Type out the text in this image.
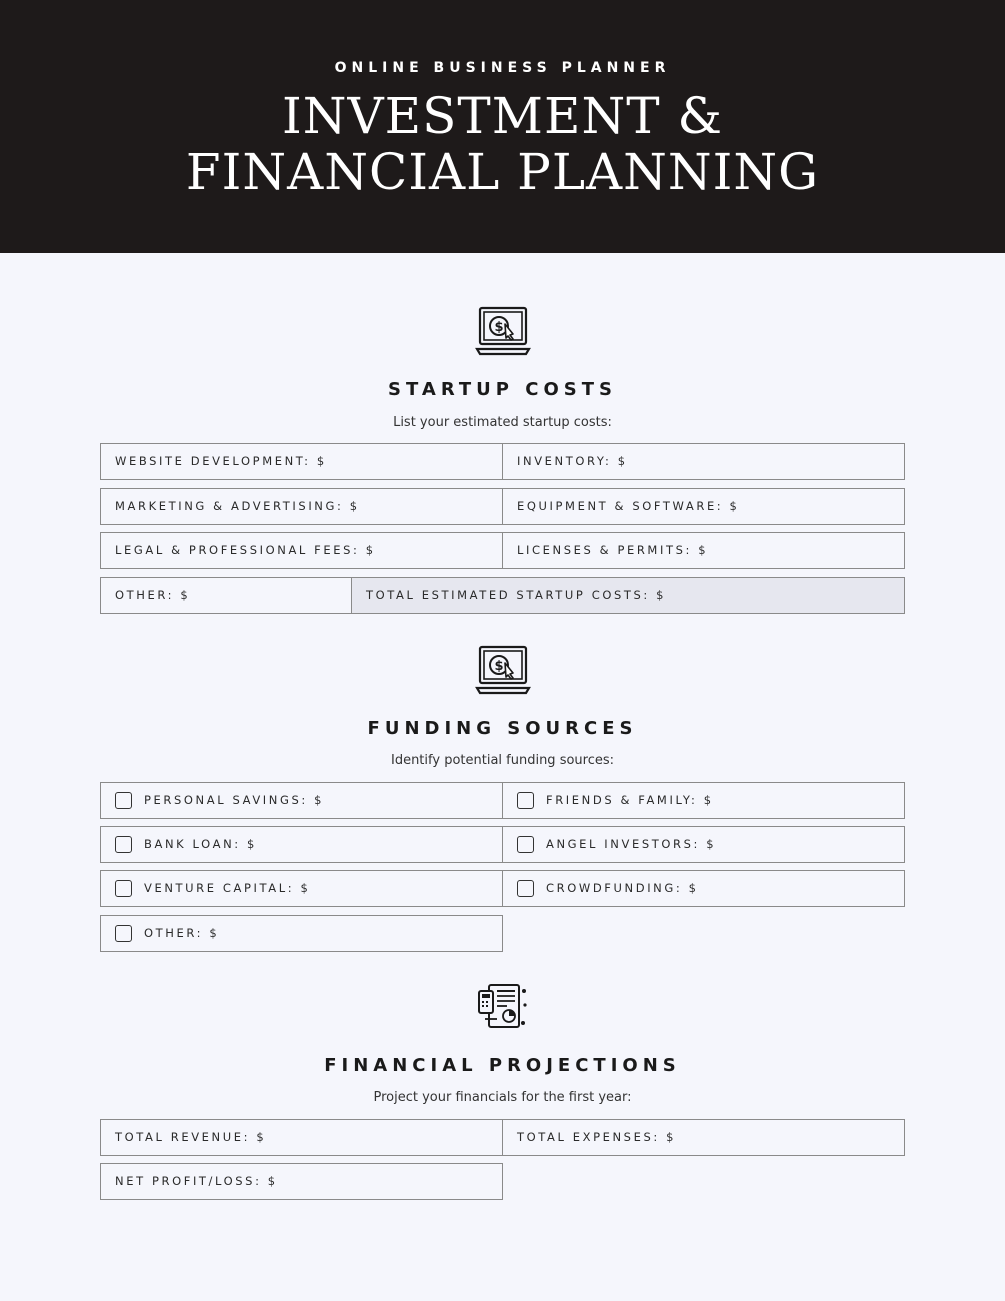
ONLINE BUSINESS PLANNER
INVESTMENT &
FINANCIAL PLANNING
$
STARTUP COSTS
List your estimated startup costs:
WEBSITE DEVELOPMENT: $	INVENTORY: $
MARKETING & ADVERTISING: $	EQUIPMENT & SOFTWARE: $
LEGAL & PROFESSIONAL FEES: $	LICENSES & PERMITS: $
OTHER: $	TOTAL ESTIMATED STARTUP COSTS: $
$
FUNDING SOURCES
Identify potential funding sources:
PERSONAL SAVINGS: $	FRIENDS & FAMILY: $
BANK LOAN: $	ANGEL INVESTORS: $
VENTURE CAPITAL: $	CROWDFUNDING: $
OTHER: $
FINANCIAL PROJECTIONS
Project your financials for the first year:
TOTAL REVENUE: $	TOTAL EXPENSES: $
NET PROFIT/LOSS: $
